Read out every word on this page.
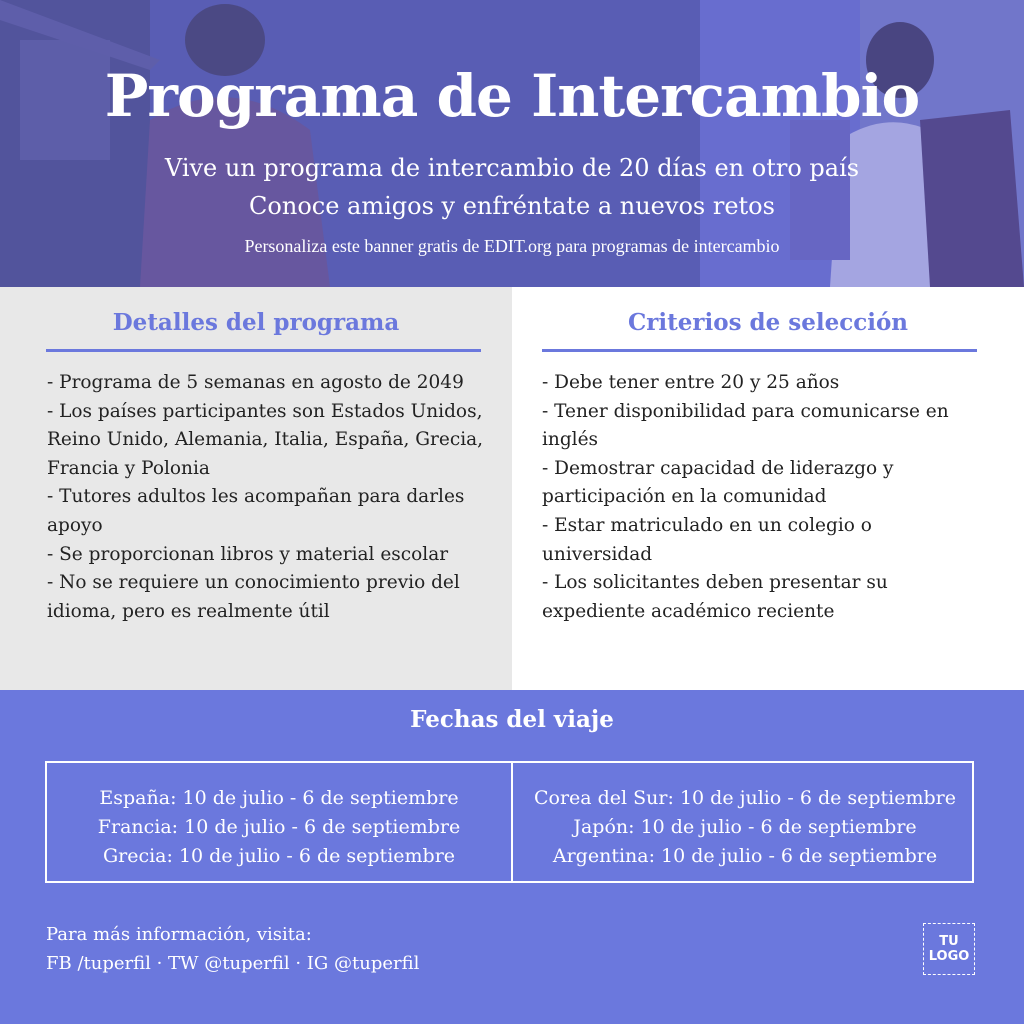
Programa de Intercambio
Vive un programa de intercambio de 20 días en otro país
Conoce amigos y enfréntate a nuevos retos
Personaliza este banner gratis de EDIT.org para programas de intercambio
Detalles del programa
- Programa de 5 semanas en agosto de 2049
- Los países participantes son Estados Unidos, Reino Unido, Alemania, Italia, España, Grecia, Francia y Polonia
- Tutores adultos les acompañan para darles apoyo
- Se proporcionan libros y material escolar
- No se requiere un conocimiento previo del idioma, pero es realmente útil
Criterios de selección
- Debe tener entre 20 y 25 años
- Tener disponibilidad para comunicarse en inglés
- Demostrar capacidad de liderazgo y participación en la comunidad
- Estar matriculado en un colegio o universidad
- Los solicitantes deben presentar su expediente académico reciente
Fechas del viaje
España: 10 de julio - 6 de septiembre
Francia: 10 de julio - 6 de septiembre
Grecia: 10 de julio - 6 de septiembre
Corea del Sur: 10 de julio - 6 de septiembre
Japón: 10 de julio - 6 de septiembre
Argentina: 10 de julio - 6 de septiembre
Para más información, visita:
FB /tuperfil · TW @tuperfil · IG @tuperfil
TU
LOGO
